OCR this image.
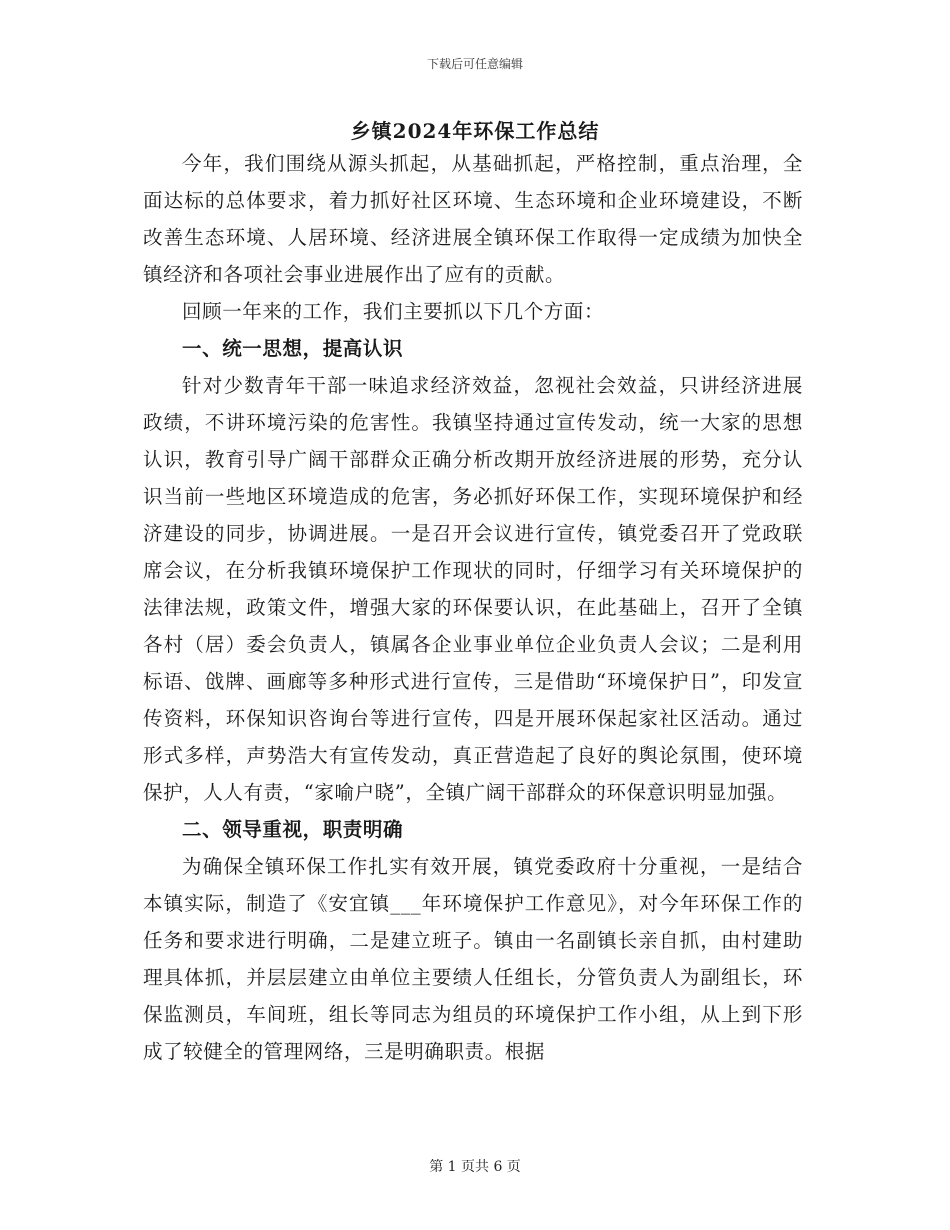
下载后可任意编辑
乡镇2024年环保工作总结

今年，我们围绕从源头抓起，从基础抓起，严格控制，重点治理，全面达标的总体要求，着力抓好社区环境、生态环境和企业环境建设，不断改善生态环境、人居环境、经济进展全镇环保工作取得一定成绩为加快全镇经济和各项社会事业进展作出了应有的贡献。

回顾一年来的工作，我们主要抓以下几个方面：

一、统一思想，提高认识

针对少数青年干部一味追求经济效益，忽视社会效益，只讲经济进展政绩，不讲环境污染的危害性。我镇坚持通过宣传发动，统一大家的思想认识，教育引导广阔干部群众正确分析改期开放经济进展的形势，充分认识当前一些地区环境造成的危害，务必抓好环保工作，实现环境保护和经济建设的同步，协调进展。一是召开会议进行宣传，镇党委召开了党政联席会议，在分析我镇环境保护工作现状的同时，仔细学习有关环境保护的法律法规，政策文件，增强大家的环保要认识，在此基础上，召开了全镇各村（居）委会负责人，镇属各企业事业单位企业负责人会议；二是利用标语、戗牌、画廊等多种形式进行宣传，三是借助“环境保护日”，印发宣传资料，环保知识咨询台等进行宣传，四是开展环保起家社区活动。通过形式多样，声势浩大有宣传发动，真正营造起了良好的舆论氛围，使环境保护，人人有责，“家喻户晓”，全镇广阔干部群众的环保意识明显加强。

二、领导重视，职责明确

为确保全镇环保工作扎实有效开展，镇党委政府十分重视，一是结合本镇实际，制造了《安宜镇___年环境保护工作意见》，对今年环保工作的任务和要求进行明确，二是建立班子。镇由一名副镇长亲自抓，由村建助理具体抓，并层层建立由单位主要绩人任组长，分管负责人为副组长，环保监测员，车间班，组长等同志为组员的环境保护工作小组，从上到下形成了较健全的管理网络，三是明确职责。根据

第 1 页共 6 页
